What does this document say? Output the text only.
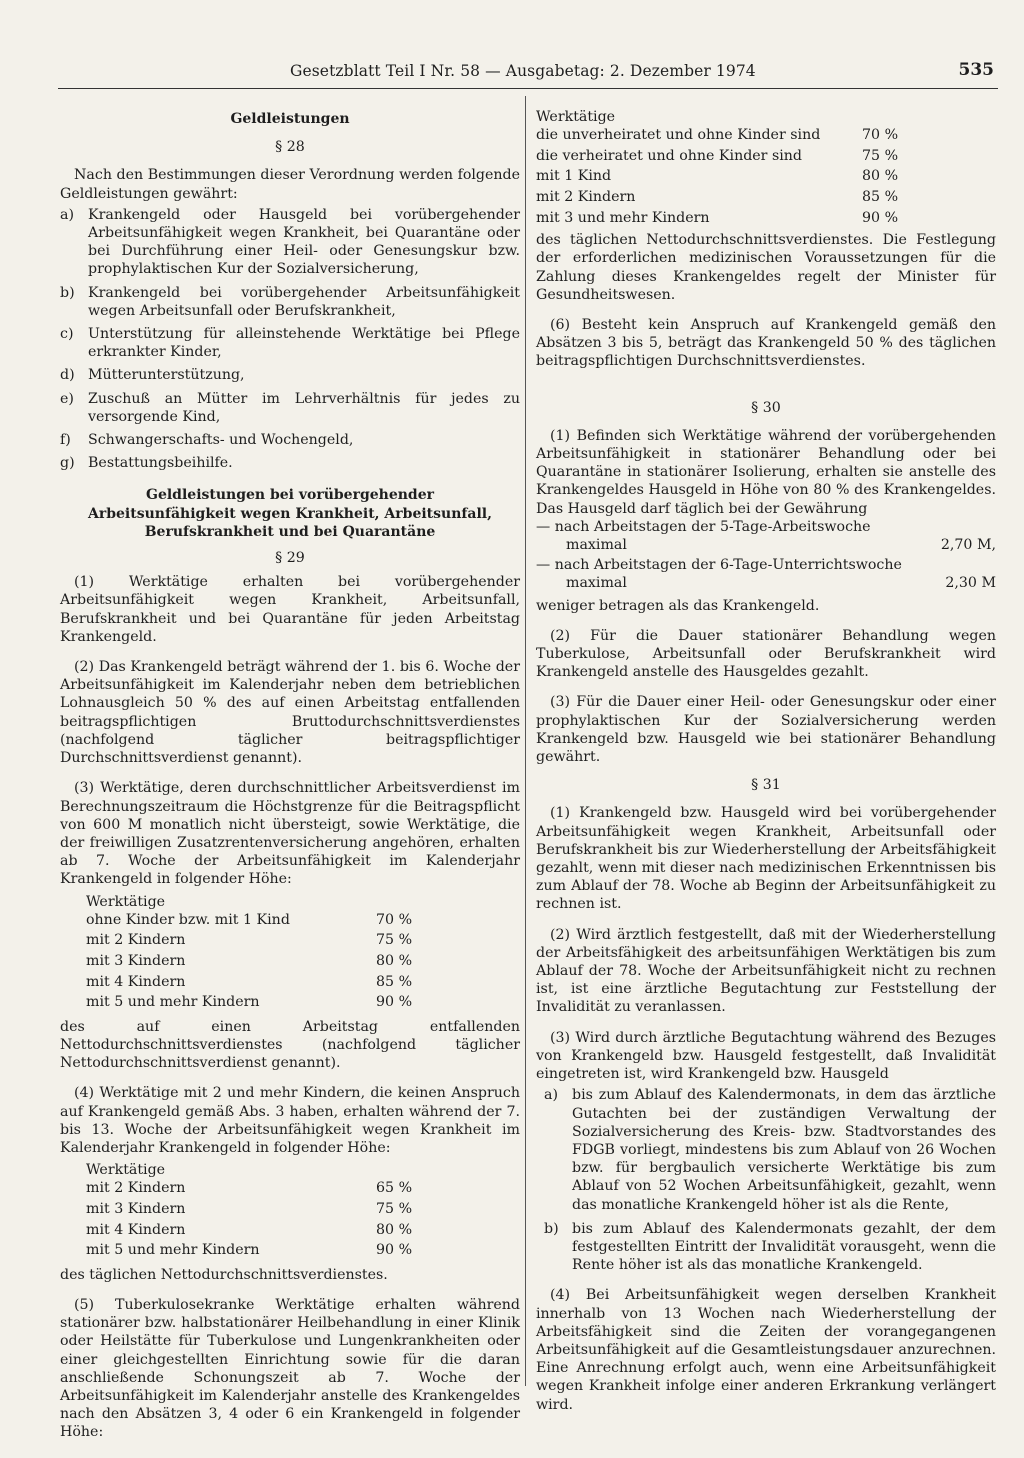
Gesetzblatt Teil I Nr. 58 — Ausgabetag: 2. Dezember 1974	535

Geldleistungen

§ 28

Nach den Bestimmungen dieser Verordnung werden folgende Geldleistungen gewährt:

a) Krankengeld oder Hausgeld bei vorübergehender Arbeitsunfähigkeit wegen Krankheit, bei Quarantäne oder bei Durchführung einer Heil- oder Genesungskur bzw. prophylaktischen Kur der Sozialversicherung,
b) Krankengeld bei vorübergehender Arbeitsunfähigkeit wegen Arbeitsunfall oder Berufskrankheit,
c)	Unterstützung für alleinstehende Werktätige bei Pflege erkrankter Kinder,
d) Mütterunterstützung,
e) Zuschuß an Mütter im Lehrverhältnis für jedes zu versorgende Kind,
f)	Schwangerschafts- und Wochengeld,
g) Bestattungsbeihilfe.

Geldleistungen bei vorübergehender Arbeitsunfähigkeit wegen Krankheit, Arbeitsunfall, Berufskrankheit und bei Quarantäne

§ 29

(1) Werktätige erhalten bei vorübergehender Arbeitsunfähigkeit wegen Krankheit, Arbeitsunfall, Berufskrankheit und bei Quarantäne für jeden Arbeitstag Krankengeld.

(2) Das Krankengeld beträgt während der 1. bis 6. Woche der Arbeitsunfähigkeit im Kalenderjahr neben dem betrieblichen Lohnausgleich 50 % des auf einen Arbeitstag entfallenden beitragspflichtigen Bruttodurchschnittsverdienstes (nachfolgend täglicher beitragspflichtiger Durchschnittsverdienst genannt).

(3) Werktätige, deren durchschnittlicher Arbeitsverdienst im Berechnungszeitraum die Höchstgrenze für die Beitragspflicht von 600 M monatlich nicht übersteigt, sowie Werktätige, die der freiwilligen Zusatzrentenversicherung angehören, erhalten ab 7. Woche der Arbeitsunfähigkeit im Kalenderjahr Krankengeld in folgender Höhe:

Werktätige

ohne Kinder bzw. mit 1 Kind	70 %
mit 2 Kindern	75 %
mit 3 Kindern	80 %
mit 4 Kindern	85 %
mit 5 und mehr Kindern	90 %

des auf einen Arbeitstag entfallenden Nettodurchschnittsverdienstes (nachfolgend täglicher Nettodurchschnittsverdienst genannt).

(4) Werktätige mit 2 und mehr Kindern, die keinen Anspruch auf Krankengeld gemäß Abs. 3 haben, erhalten während der 7. bis 13. Woche der Arbeitsunfähigkeit wegen Krankheit im Kalenderjahr Krankengeld in folgender Höhe:

Werktätige

mit 2 Kindern	65 %
mit 3 Kindern	75 %
mit 4 Kindern	80 %
mit 5 und mehr Kindern	90 %

des täglichen Nettodurchschnittsverdienstes.

(5) Tuberkulosekranke Werktätige erhalten während stationärer bzw. halbstationärer Heilbehandlung in einer Klinik oder Heilstätte für Tuberkulose und Lungenkrankheiten oder einer gleichgestellten Einrichtung sowie für die daran anschließende Schonungszeit ab 7. Woche der Arbeitsunfähigkeit im Kalenderjahr anstelle des Krankengeldes nach den Absätzen 3, 4 oder 6 ein Krankengeld in folgender Höhe:

Werktätige

die unverheiratet und ohne Kinder sind	70 %
die verheiratet und ohne Kinder sind	75 %
mit 1 Kind	80 %
mit 2 Kindern	85 %
mit 3 und mehr Kindern	90 %

des täglichen Nettodurchschnittsverdienstes. Die Festlegung der erforderlichen medizinischen Voraussetzungen für die Zahlung dieses Krankengeldes regelt der Minister für Gesundheitswesen.

(6) Besteht kein Anspruch auf Krankengeld gemäß den Absätzen 3 bis 5, beträgt das Krankengeld 50 % des täglichen beitragspflichtigen Durchschnittsverdienstes.

§ 30

(1) Befinden sich Werktätige während der vorübergehenden Arbeitsunfähigkeit in stationärer Behandlung oder bei Quarantäne in stationärer Isolierung, erhalten sie anstelle des Krankengeldes Hausgeld in Höhe von 80 % des Krankengeldes. Das Hausgeld darf täglich bei der Gewährung

— nach Arbeitstagen der 5-Tage-Arbeitswoche

maximal	2,70 M,

— nach Arbeitstagen der 6-Tage-Unterrichtswoche

maximal	2,30 M

weniger betragen als das Krankengeld.

(2) Für die Dauer stationärer Behandlung wegen Tuberkulose, Arbeitsunfall oder Berufskrankheit wird Krankengeld anstelle des Hausgeldes gezahlt.

(3) Für die Dauer einer Heil- oder Genesungskur oder einer prophylaktischen Kur der Sozialversicherung werden Krankengeld bzw. Hausgeld wie bei stationärer Behandlung gewährt.

§ 31

(1) Krankengeld bzw. Hausgeld wird bei vorübergehender Arbeitsunfähigkeit wegen Krankheit, Arbeitsunfall oder Berufskrankheit bis zur Wiederherstellung der Arbeitsfähigkeit gezahlt, wenn mit dieser nach medizinischen Erkenntnissen bis zum Ablauf der 78. Woche ab Beginn der Arbeitsunfähigkeit zu rechnen ist.

(2) Wird ärztlich festgestellt, daß mit der Wiederherstellung der Arbeitsfähigkeit des arbeitsunfähigen Werktätigen bis zum Ablauf der 78. Woche der Arbeitsunfähigkeit nicht zu rechnen ist, ist eine ärztliche Begutachtung zur Feststellung der Invalidität zu veranlassen.

(3) Wird durch ärztliche Begutachtung während des Bezuges von Krankengeld bzw. Hausgeld festgestellt, daß Invalidität eingetreten ist, wird Krankengeld bzw. Hausgeld

a) bis zum Ablauf des Kalendermonats, in dem das ärztliche Gutachten bei der zuständigen Verwaltung der Sozialversicherung des Kreis- bzw. Stadtvorstandes des FDGB vorliegt, mindestens bis zum Ablauf von 26 Wochen bzw. für bergbaulich versicherte Werktätige bis zum Ablauf von 52 Wochen Arbeitsunfähigkeit, gezahlt, wenn das monatliche Krankengeld höher ist als die Rente,
b) bis zum Ablauf des Kalendermonats gezahlt, der dem festgestellten Eintritt der Invalidität vorausgeht, wenn die Rente höher ist als das monatliche Krankengeld.

(4) Bei Arbeitsunfähigkeit wegen derselben Krankheit innerhalb von 13 Wochen nach Wiederherstellung der Arbeitsfähigkeit sind die Zeiten der vorangegangenen Arbeitsunfähigkeit auf die Gesamtleistungsdauer anzurechnen. Eine Anrechnung erfolgt auch, wenn eine Arbeitsunfähigkeit wegen Krankheit infolge einer anderen Erkrankung verlängert wird.
